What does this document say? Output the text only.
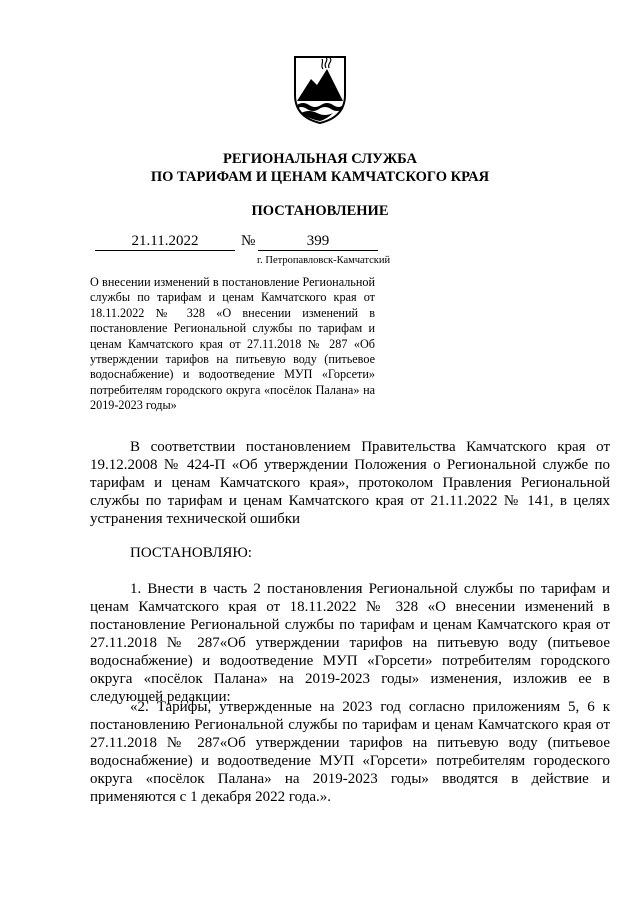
РЕГИОНАЛЬНАЯ СЛУЖБА
ПО ТАРИФАМ И ЦЕНАМ КАМЧАТСКОГО КРАЯ
ПОСТАНОВЛЕНИЕ
21.11.2022	№	399
г. Петропавловск-Камчатский
О внесении изменений в постановление Региональной службы по тарифам и ценам Камчатского края от 18.11.2022 № 328 «О внесении изменений в постановление Региональной службы по тарифам и ценам Камчатского края от 27.11.2018 № 287 «Об утверждении тарифов на питьевую воду (питьевое водоснабжение) и водоотведение МУП «Горсети» потребителям городского округа «посёлок Палана» на 2019-2023 годы»
В соответствии постановлением Правительства Камчатского края от 19.12.2008 № 424-П «Об утверждении Положения о Региональной службе по тарифам и ценам Камчатского края», протоколом Правления Региональной службы по тарифам и ценам Камчатского края от 21.11.2022 № 141, в целях устранения технической ошибки
ПОСТАНОВЛЯЮ:
1. Внести в часть 2 постановления Региональной службы по тарифам и ценам Камчатского края от 18.11.2022 № 328 «О внесении изменений в постановление Региональной службы по тарифам и ценам Камчатского края от 27.11.2018 № 287«Об утверждении тарифов на питьевую воду (питьевое водоснабжение) и водоотведение МУП «Горсети» потребителям городского округа «посёлок Палана» на 2019-2023 годы» изменения, изложив ее в следующей редакции:
«2. Тарифы, утвержденные на 2023 год согласно приложениям 5, 6 к постановлению Региональной службы по тарифам и ценам Камчатского края от 27.11.2018 № 287«Об утверждении тарифов на питьевую воду (питьевое водоснабжение) и водоотведение МУП «Горсети» потребителям городеского округа «посёлок Палана» на 2019-2023 годы» вводятся в действие и применяются с 1 декабря 2022 года.».
